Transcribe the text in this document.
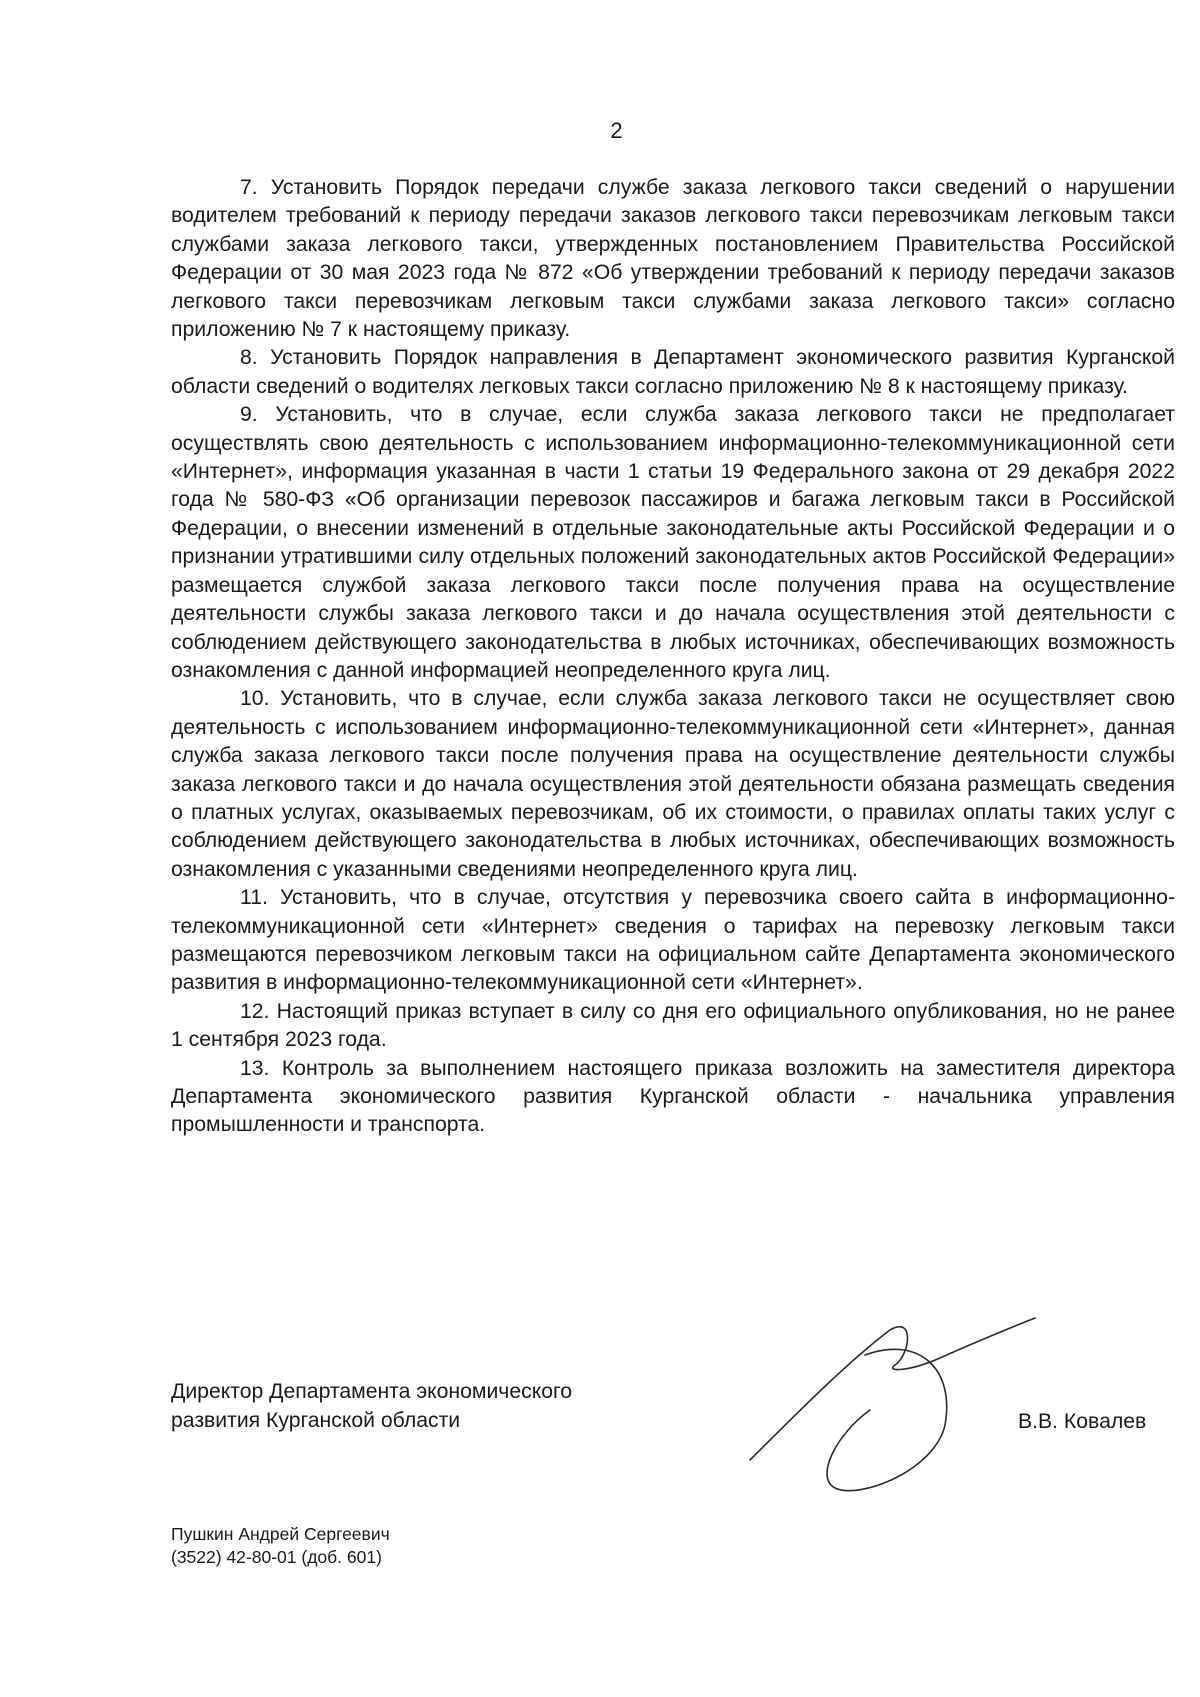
2

7. Установить Порядок передачи службе заказа легкового такси сведений о нарушении водителем требований к периоду передачи заказов легкового такси перевозчикам легковым такси службами заказа легкового такси, утвержденных постановлением Правительства Российской Федерации от 30 мая 2023 года № 872 «Об утверждении требований к периоду передачи заказов легкового такси перевозчикам легковым такси службами заказа легкового такси» согласно приложению № 7 к настоящему приказу.

8. Установить Порядок направления в Департамент экономического развития Курганской области сведений о водителях легковых такси согласно приложению № 8 к настоящему приказу.

9. Установить, что в случае, если служба заказа легкового такси не предполагает осуществлять свою деятельность с использованием информационно-телекоммуникационной сети «Интернет», информация указанная в части 1 статьи 19 Федерального закона от 29 декабря 2022 года № 580-ФЗ «Об организации перевозок пассажиров и багажа легковым такси в Российской Федерации, о внесении изменений в отдельные законодательные акты Российской Федерации и о признании утратившими силу отдельных положений законодательных актов Российской Федерации» размещается службой заказа легкового такси после получения права на осуществление деятельности службы заказа легкового такси и до начала осуществления этой деятельности с соблюдением действующего законодательства в любых источниках, обеспечивающих возможность ознакомления с данной информацией неопределенного круга лиц.

10. Установить, что в случае, если служба заказа легкового такси не осуществляет свою деятельность с использованием информационно-телекоммуникационной сети «Интернет», данная служба заказа легкового такси после получения права на осуществление деятельности службы заказа легкового такси и до начала осуществления этой деятельности обязана размещать сведения о платных услугах, оказываемых перевозчикам, об их стоимости, о правилах оплаты таких услуг с соблюдением действующего законодательства в любых источниках, обеспечивающих возможность ознакомления с указанными сведениями неопределенного круга лиц.

11. Установить, что в случае, отсутствия у перевозчика своего сайта в информационно-телекоммуникационной сети «Интернет» сведения о тарифах на перевозку легковым такси размещаются перевозчиком легковым такси на официальном сайте Департамента экономического развития в информационно-телекоммуникационной сети «Интернет».

12. Настоящий приказ вступает в силу со дня его официального опубликования, но не ранее 1 сентября 2023 года.

13. Контроль за выполнением настоящего приказа возложить на заместителя директора Департамента экономического развития Курганской области - начальника управления промышленности и транспорта.

Директор Департамента экономического
развития Курганской области	В.В. Ковалев
Пушкин Андрей Сергеевич
(3522) 42-80-01 (доб. 601)
